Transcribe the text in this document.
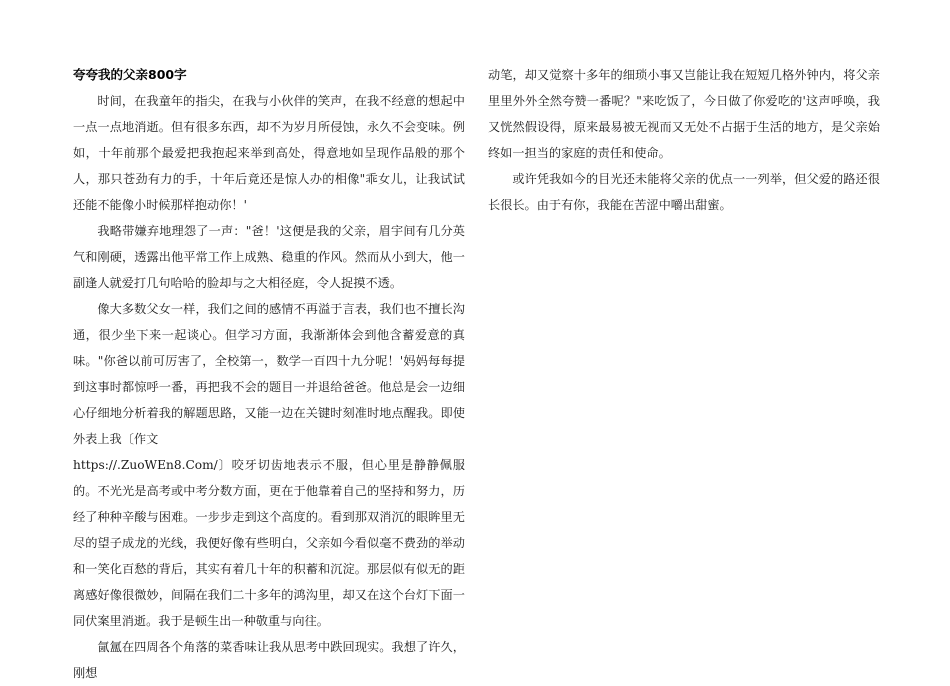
夸夸我的父亲800字

时间，在我童年的指尖，在我与小伙伴的笑声，在我不经意的想起中一点一点地消逝。但有很多东西，却不为岁月所侵蚀，永久不会变味。例如，十年前那个最爱把我抱起来举到高处，得意地如呈现作品般的那个人，那只苍劲有力的手，十年后竟还是惊人办的相像"乖女儿，让我试试还能不能像小时候那样抱动你！'

我略带嫌弃地理怨了一声："爸！'这便是我的父亲，眉宇间有几分英气和刚硬，透露出他平常工作上成熟、稳重的作风。然而从小到大，他一副逢人就爱打几句哈哈的脸却与之大相径庭，令人捉摸不透。

像大多数父女一样，我们之间的感情不再溢于言表，我们也不擅长沟通，很少坐下来一起谈心。但学习方面，我渐渐体会到他含蓄爱意的真味。"你爸以前可厉害了，全校第一，数学一百四十九分呢！'妈妈每每提到这事时都惊呼一番，再把我不会的题目一并退给爸爸。他总是会一边细心仔细地分析着我的解题思路，又能一边在关键时刻准时地点醒我。即使外表上我〔作文

https://.ZuoWEn8.Com/〕咬牙切齿地表示不服，但心里是静静佩服的。不光光是高考或中考分数方面，更在于他靠着自己的坚持和努力，历经了种种辛酸与困难。一步步走到这个高度的。看到那双消沉的眼眸里无尽的望子成龙的光线，我便好像有些明白，父亲如今看似毫不费劲的举动和一笑化百愁的背后，其实有着几十年的积蓄和沉淀。那层似有似无的距离感好像很微妙，间隔在我们二十多年的鸿沟里，却又在这个台灯下面一同伏案里消逝。我于是顿生出一种敬重与向往。

氤氲在四周各个角落的菜香味让我从思考中跌回现实。我想了许久，刚想

动笔，却又觉察十多年的细琐小事又岂能让我在短短几格外钟内，将父亲里里外外全然夸赞一番呢？"来吃饭了，今日做了你爱吃的'这声呼唤，我又恍然假设得，原来最易被无视而又无处不占据于生活的地方，是父亲始终如一担当的家庭的责任和使命。

或许凭我如今的目光还未能将父亲的优点一一列举，但父爱的路还很长很长。由于有你，我能在苦涩中嚼出甜蜜。
